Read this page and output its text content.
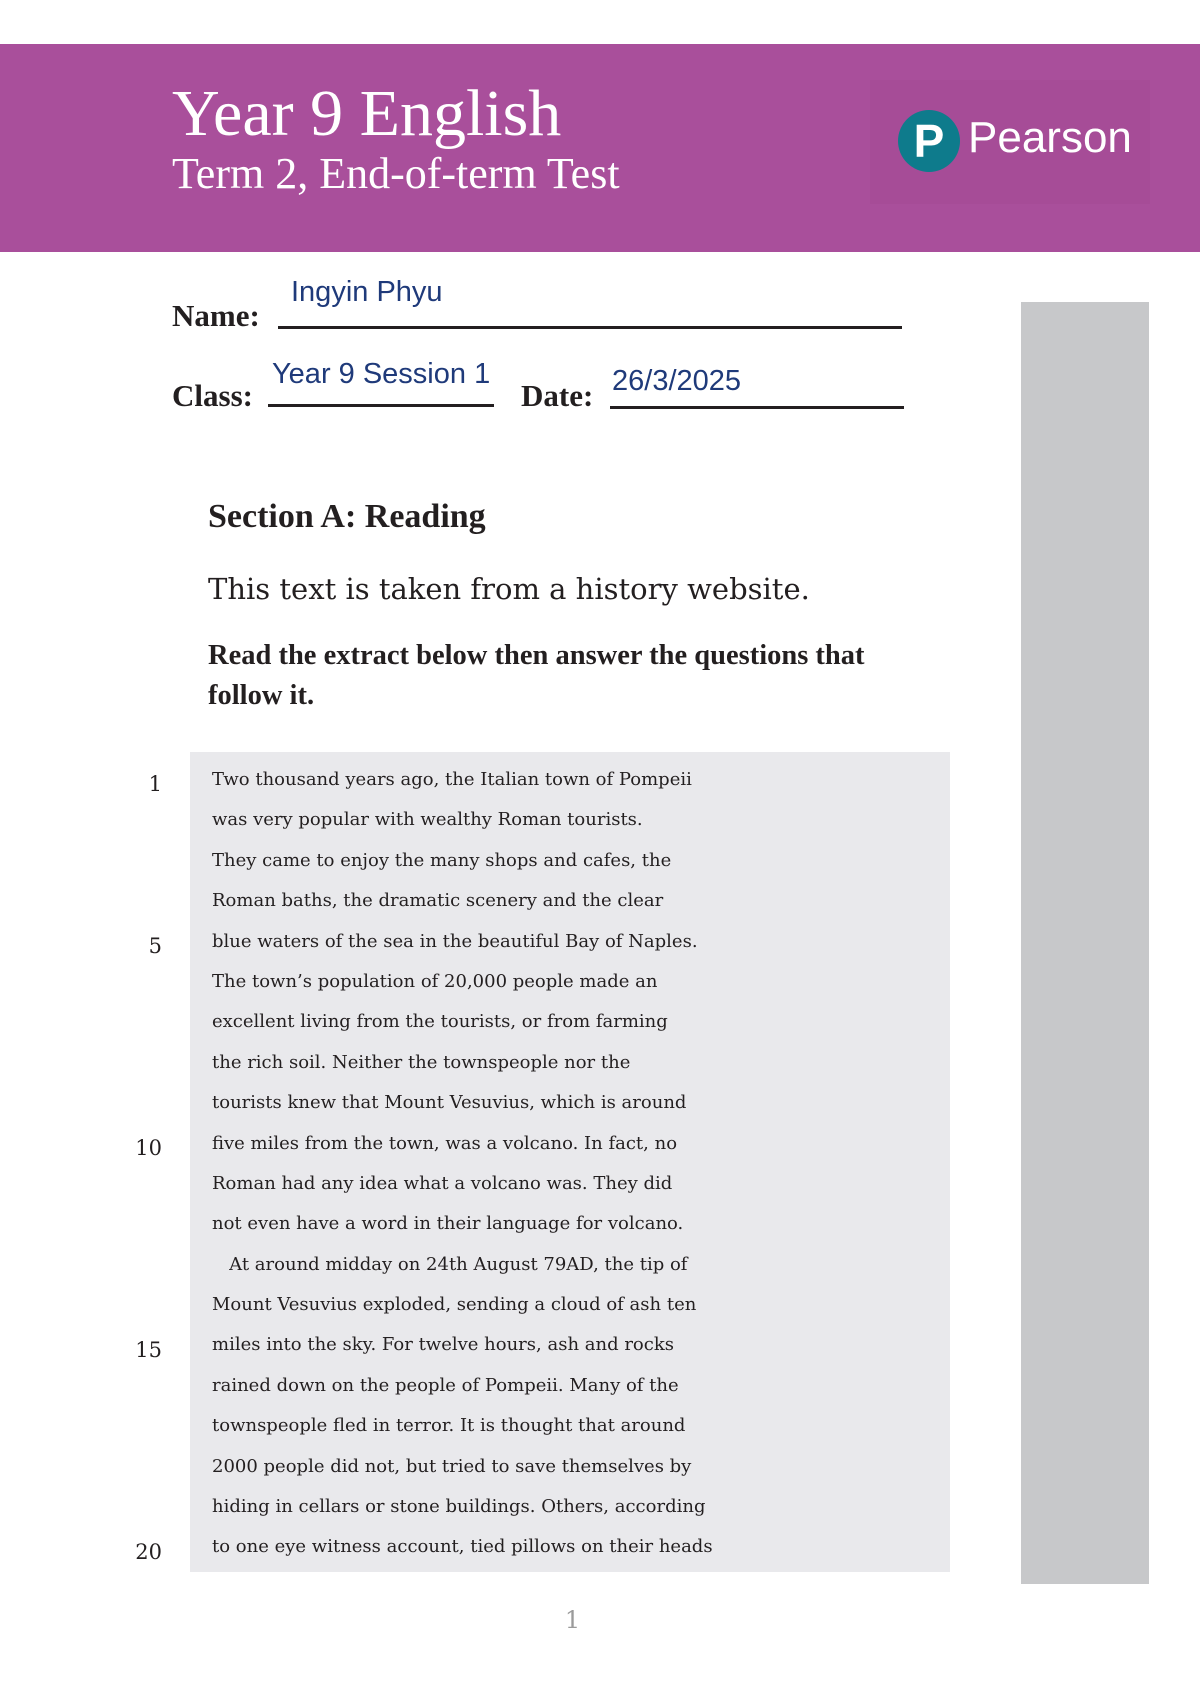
Year 9 English
Term 2, End-of-term Test
P Pearson
Name:
Ingyin Phyu
Class:
Year 9 Session 1
Date: 26/3/2025
Section A: Reading
This text is taken from a history website.
Read the extract below then answer the questions that follow it.
Two thousand years ago, the Italian town of Pompeii
was very popular with wealthy Roman tourists.
They came to enjoy the many shops and cafes, the
Roman baths, the dramatic scenery and the clear
blue waters of the sea in the beautiful Bay of Naples.
The town’s population of 20,000 people made an
excellent living from the tourists, or from farming
the rich soil. Neither the townspeople nor the
tourists knew that Mount Vesuvius, which is around
five miles from the town, was a volcano. In fact, no
Roman had any idea what a volcano was. They did
not even have a word in their language for volcano.
At around midday on 24th August 79AD, the tip of
Mount Vesuvius exploded, sending a cloud of ash ten
miles into the sky. For twelve hours, ash and rocks
rained down on the people of Pompeii. Many of the
townspeople fled in terror. It is thought that around
2000 people did not, but tried to save themselves by
hiding in cellars or stone buildings. Others, according
to one eye witness account, tied pillows on their heads
1
5
10
15
20
1
